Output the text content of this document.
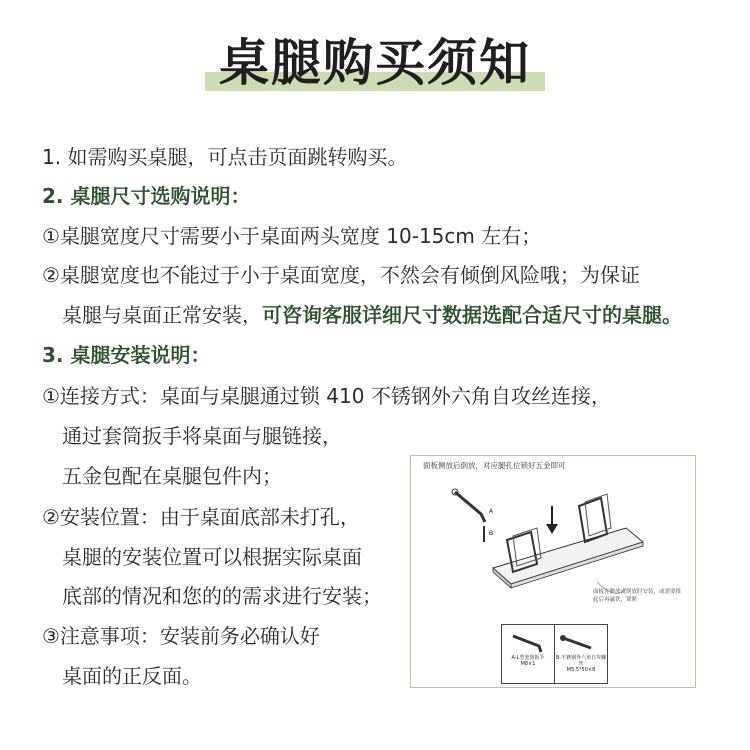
桌腿购买须知
1. 如需购买桌腿，可点击页面跳转购买。
2. 桌腿尺寸选购说明：
①桌腿宽度尺寸需要小于桌面两头宽度 10-15cm 左右；
②桌腿宽度也不能过于小于桌面宽度，不然会有倾倒风险哦；为保证
桌腿与桌面正常安装，可咨询客服详细尺寸数据选配合适尺寸的桌腿。
3. 桌腿安装说明：
①连接方式：桌面与桌腿通过锁 410 不锈钢外六角自攻丝连接，
通过套筒扳手将桌面与腿链接，
五金包配在桌腿包件内；
②安装位置：由于桌面底部未打孔，
桌腿的安装位置可以根据实际桌面
底部的情况和您的的需求进行安装；
③注意事项：安装前务必确认好
桌面的正反面。
面板侧放后倒放，对应腿孔位锁好五金即可
A
B
面板在侧放或倒放时安装，或需要推起后再磁铁，锁紧
A-L型套筒扳手
M8×1
B-不锈钢外六角自攻螺丝
M5.5*50×8
